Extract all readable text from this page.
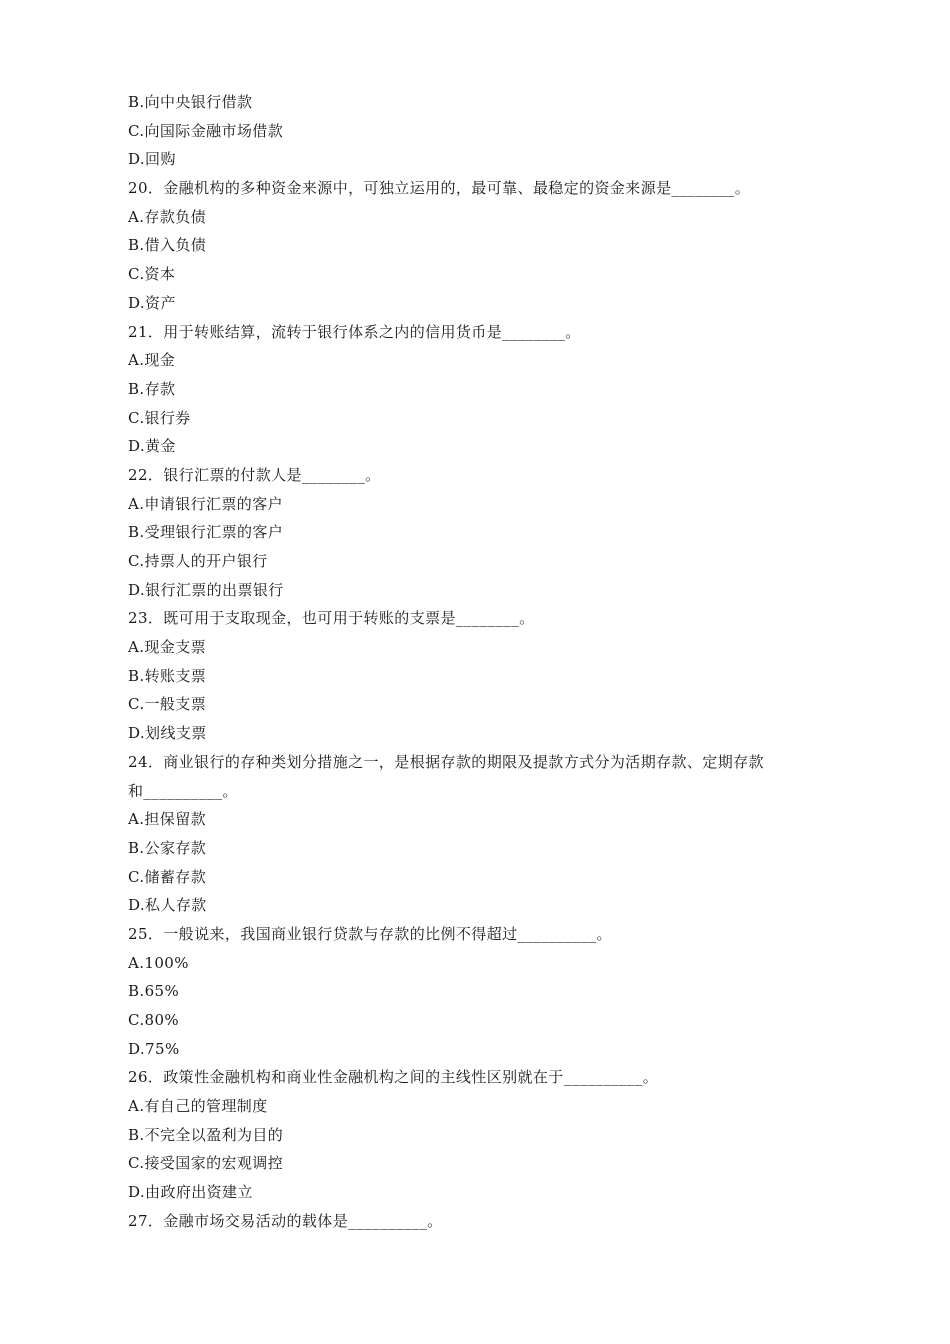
B.向中央银行借款
C.向国际金融市场借款
D.回购
20．金融机构的多种资金来源中，可独立运用的，最可靠、最稳定的资金来源是________。
A.存款负债
B.借入负债
C.资本
D.资产
21．用于转账结算，流转于银行体系之内的信用货币是________。
A.现金
B.存款
C.银行券
D.黄金
22．银行汇票的付款人是________。
A.申请银行汇票的客户
B.受理银行汇票的客户
C.持票人的开户银行
D.银行汇票的出票银行
23．既可用于支取现金，也可用于转账的支票是________。
A.现金支票
B.转账支票
C.一般支票
D.划线支票
24．商业银行的存种类划分措施之一，是根据存款的期限及提款方式分为活期存款、定期存款
和__________。
A.担保留款
B.公家存款
C.储蓄存款
D.私人存款
25．一般说来，我国商业银行贷款与存款的比例不得超过__________。
A.100%
B.65%
C.80%
D.75%
26．政策性金融机构和商业性金融机构之间的主线性区别就在于__________。
A.有自己的管理制度
B.不完全以盈利为目的
C.接受国家的宏观调控
D.由政府出资建立
27．金融市场交易活动的载体是__________。
